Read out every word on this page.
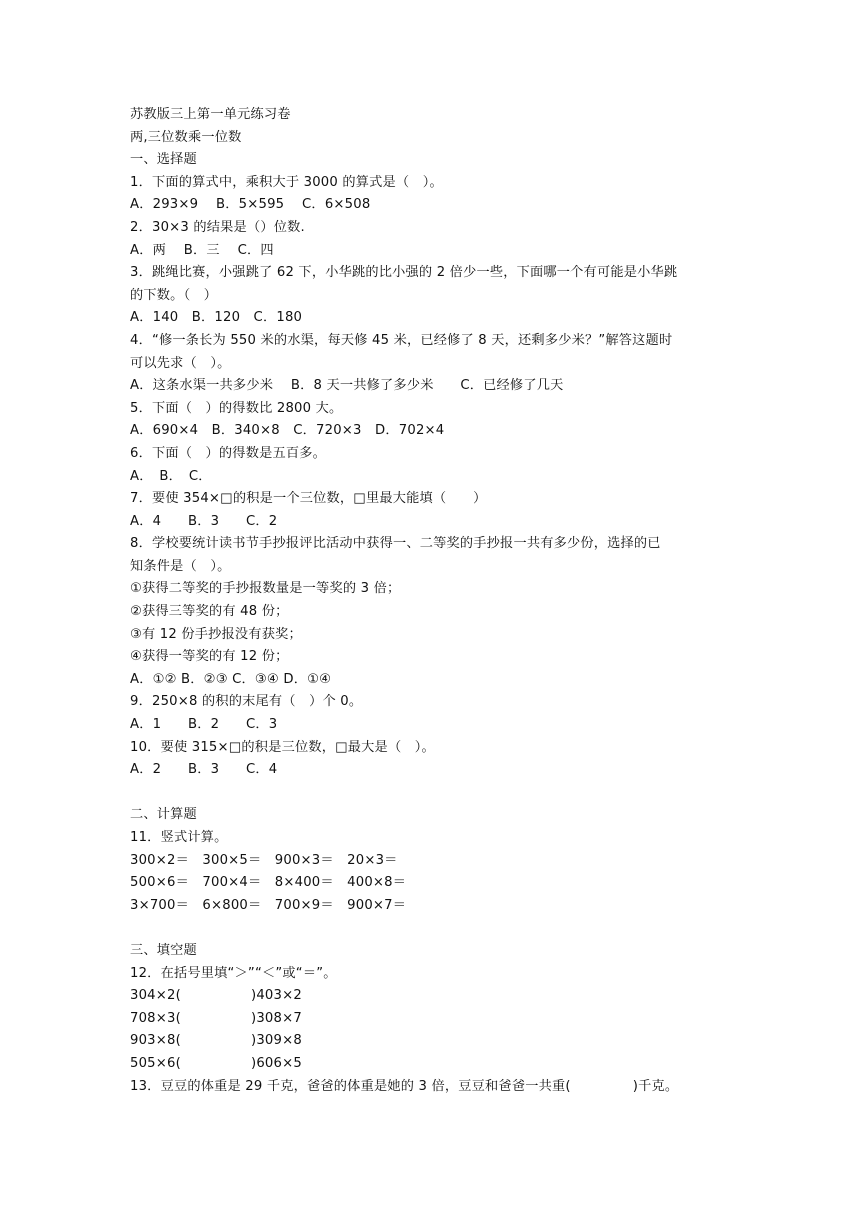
苏教版三上第一单元练习卷
两,三位数乘一位数
一、选择题
1．下面的算式中，乘积大于 3000 的算式是（　）。
A．293×9　 B．5×595　 C．6×508
2．30×3 的结果是（）位数.
A．两　 B．三　 C．四
3．跳绳比赛，小强跳了 62 下，小华跳的比小强的 2 倍少一些，下面哪一个有可能是小华跳
的下数。（　）
A．140　B．120　C．180
4．“修一条长为 550 米的水渠，每天修 45 米，已经修了 8 天，还剩多少米？”解答这题时
可以先求（　）。
A．这条水渠一共多少米　 B．8 天一共修了多少米　　C．已经修了几天
5．下面（　）的得数比 2800 大。
A．690×4　B．340×8　C．720×3　D．702×4
6．下面（　）的得数是五百多。
A．　B．　C．
7．要使 354×□的积是一个三位数，□里最大能填（　　）
A．4　　B．3　　C．2
8．学校要统计读书节手抄报评比活动中获得一、二等奖的手抄报一共有多少份，选择的已
知条件是（　）。
①获得二等奖的手抄报数量是一等奖的 3 倍；
②获得三等奖的有 48 份；
③有 12 份手抄报没有获奖；
④获得一等奖的有 12 份；
A．①② B．②③ C．③④ D．①④
9．250×8 的积的末尾有（　）个 0。
A．1　　B．2　　C．3
10．要使 315×□的积是三位数，□最大是（　）。
A．2　　B．3　　C．4
二、计算题
11．竖式计算。
300×2＝　300×5＝　900×3＝　20×3＝
500×6＝　700×4＝　8×400＝　400×8＝
3×700＝　6×800＝　700×9＝　900×7＝
三、填空题
12．在括号里填“＞”“＜”或“＝”。
304×2(	)403×2
708×3(	)308×7
903×8(	)309×8
505×6(	)606×5
13．豆豆的体重是 29 千克，爸爸的体重是她的 3 倍，豆豆和爸爸一共重(	)千克。
